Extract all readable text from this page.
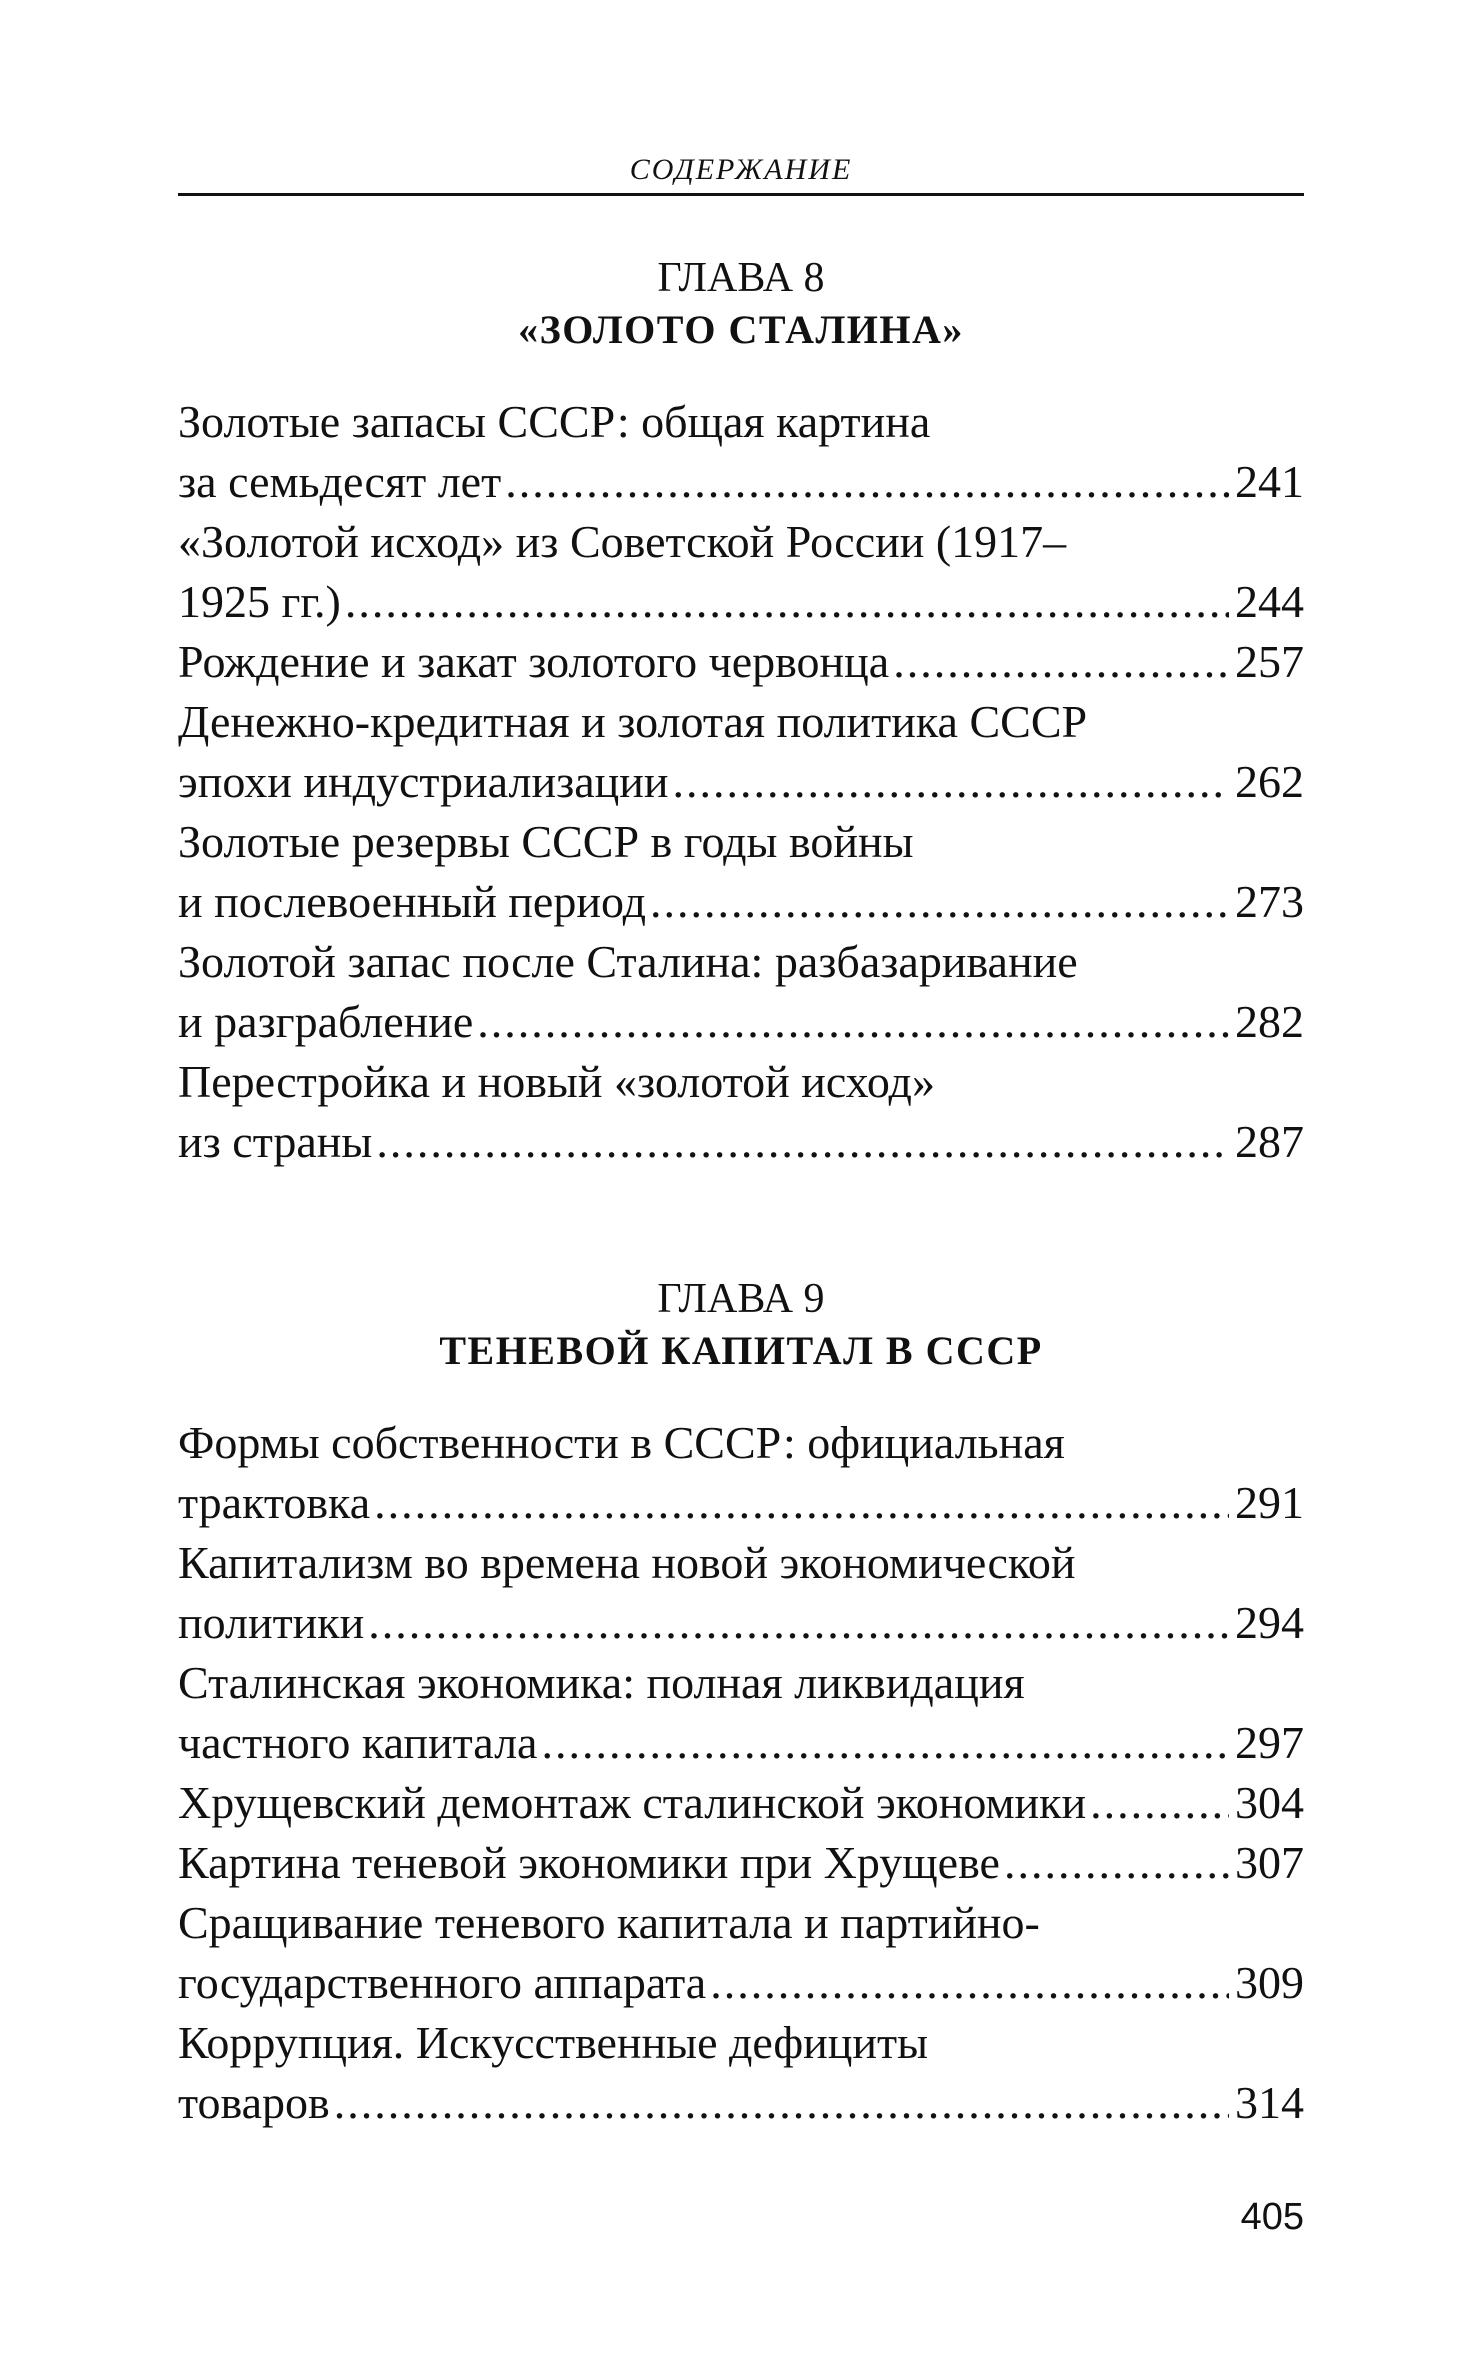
СОДЕРЖАНИЕ
ГЛАВА 8
«ЗОЛОТО СТАЛИНА»
Золотые запасы СССР: общая картина
за семьдесят лет .....	241
«Золотой исход» из Советской России (1917–
1925 гг.) .....	244
Рождение и закат золотого червонца .....	257
Денежно-кредитная и золотая политика СССР
эпохи индустриализации .....	262
Золотые резервы СССР в годы войны
и послевоенный период .....	273
Золотой запас после Сталина: разбазаривание
и разграбление .....	282
Перестройка и новый «золотой исход»
из страны .....	287
ГЛАВА 9
ТЕНЕВОЙ КАПИТАЛ В СССР
Формы собственности в СССР: официальная
трактовка .....	291
Капитализм во времена новой экономической
политики .....	294
Сталинская экономика: полная ликвидация
частного капитала .....	297
Хрущевский демонтаж сталинской экономики .....	304
Картина теневой экономики при Хрущеве .....	307
Сращивание теневого капитала и партийно-
государственного аппарата .....	309
Коррупция. Искусственные дефициты
товаров .....	314
405
